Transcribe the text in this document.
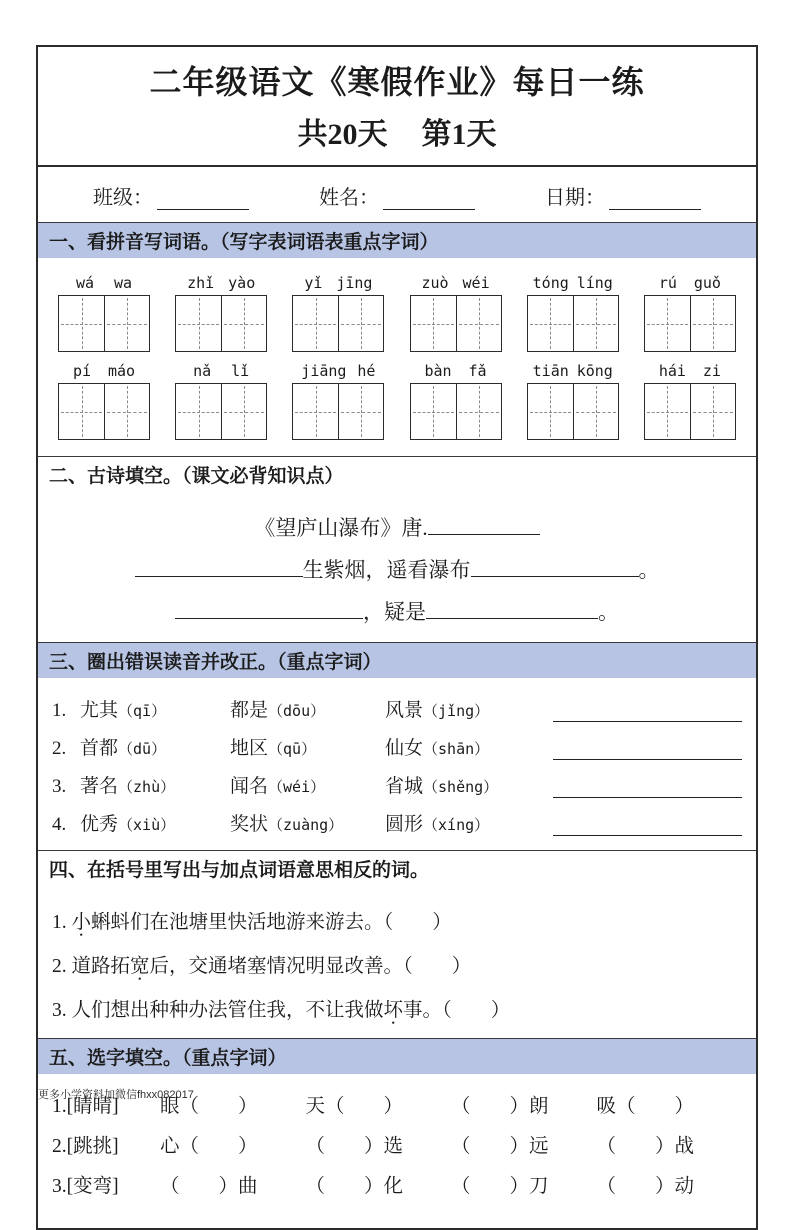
二年级语文《寒假作业》每日一练
共20天 第1天
班级：	姓名：	日期：
一、看拼音写词语。（写字表词语表重点字词）
wá wa	zhǐ yào	yǐ jīng	zuò wéi	tóng líng	rú guǒ
pí máo	nǎ lǐ	jiāng hé	bàn fǎ	tiān kōng	hái zi
二、古诗填空。（课文必背知识点）
《望庐山瀑布》唐.
生紫烟，遥看瀑布	。
，疑是	。
三、圈出错误读音并改正。（重点字词）
1. 尤其（qī）	都是（dōu）	风景（jǐng）
2. 首都（dū）	地区（qū）	仙女（shān）
3. 著名（zhù）	闻名（wéi）	省城（shěng）
4. 优秀（xiù）	奖状（zuàng）	圆形（xíng）
四、在括号里写出与加点词语意思相反的词。
1. 小蝌蚪们在池塘里快活地游来游去。（　　）
2. 道路拓宽后，交通堵塞情况明显改善。（　　）
3. 人们想出种种办法管住我，不让我做坏事。（　　）
五、选字填空。（重点字词）
1.[睛晴]	眼（　　）	天（　　）	（　　）朗	吸（　　）
2.[跳挑]	心（　　）	（　　）选	（　　）远	（　　）战
3.[变弯]	（　　）曲	（　　）化	（　　）刀	（　　）动
更多小学资料加微信fhxx082017
